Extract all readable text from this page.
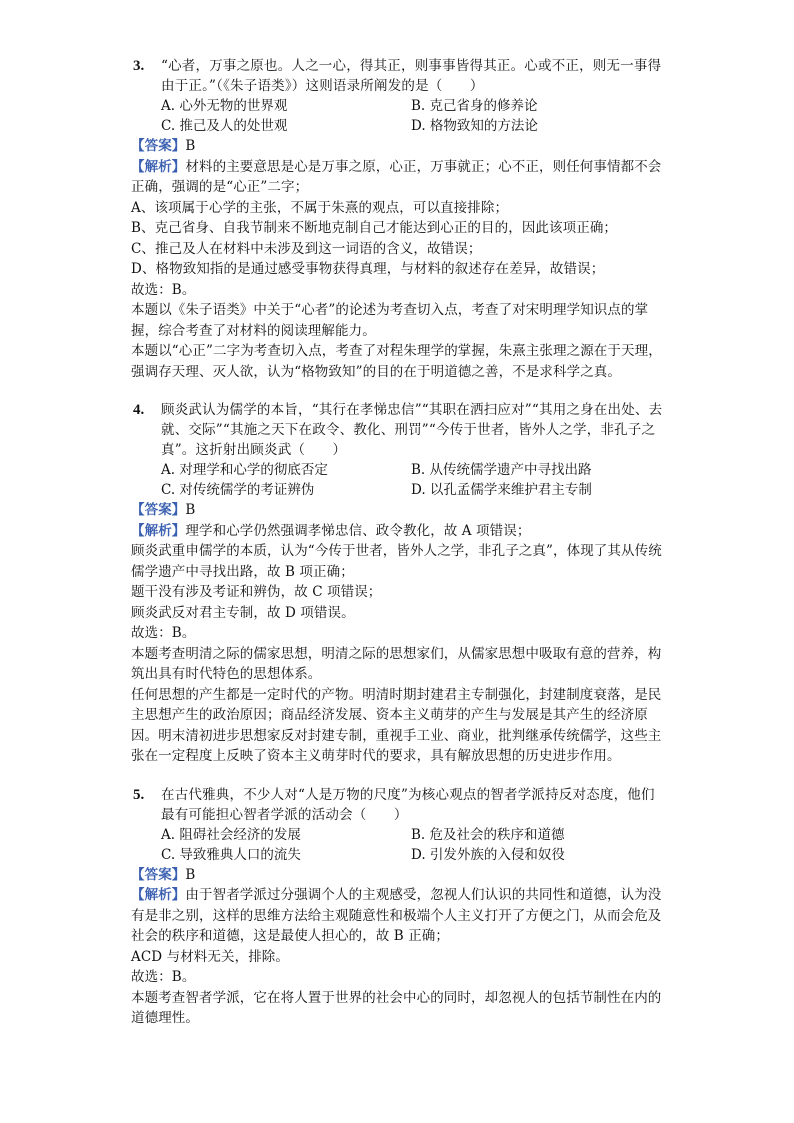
3. “心者，万事之原也。人之一心，得其正，则事事皆得其正。心或不正，则无一事得由于正。”（《朱子语类》）这则语录所阐发的是（　　）
A. 心外无物的世界观	B. 克己省身的修养论
C. 推己及人的处世观	D. 格物致知的方法论
【答案】B
【解析】材料的主要意思是心是万事之原，心正，万事就正；心不正，则任何事情都不会正确，强调的是“心正”二字；
A、该项属于心学的主张，不属于朱熹的观点，可以直接排除；
B、克己省身、自我节制来不断地克制自己才能达到心正的目的，因此该项正确；
C、推己及人在材料中未涉及到这一词语的含义，故错误；
D、格物致知指的是通过感受事物获得真理，与材料的叙述存在差异，故错误；
故选：B。
本题以《朱子语类》中关于“心者”的论述为考查切入点，考查了对宋明理学知识点的掌握，综合考查了对材料的阅读理解能力。
本题以“心正”二字为考查切入点，考查了对程朱理学的掌握，朱熹主张理之源在于天理，强调存天理、灭人欲，认为“格物致知”的目的在于明道德之善，不是求科学之真。
4. 顾炎武认为儒学的本旨，“其行在孝悌忠信”“其职在洒扫应对”“其用之身在出处、去就、交际”“其施之天下在政令、教化、刑罚”“今传于世者，皆外人之学，非孔子之真”。这折射出顾炎武（　　）
A. 对理学和心学的彻底否定	B. 从传统儒学遗产中寻找出路
C. 对传统儒学的考证辨伪	D. 以孔孟儒学来维护君主专制
【答案】B
【解析】理学和心学仍然强调孝悌忠信、政令教化，故 A 项错误；
顾炎武重申儒学的本质，认为“今传于世者，皆外人之学，非孔子之真”，体现了其从传统儒学遗产中寻找出路，故 B 项正确；
题干没有涉及考证和辨伪，故 C 项错误；
顾炎武反对君主专制，故 D 项错误。
故选：B。
本题考查明清之际的儒家思想，明清之际的思想家们，从儒家思想中吸取有意的营养，构筑出具有时代特色的思想体系。
任何思想的产生都是一定时代的产物。明清时期封建君主专制强化，封建制度衰落，是民主思想产生的政治原因；商品经济发展、资本主义萌芽的产生与发展是其产生的经济原因。明末清初进步思想家反对封建专制，重视手工业、商业，批判继承传统儒学，这些主张在一定程度上反映了资本主义萌芽时代的要求，具有解放思想的历史进步作用。
5. 在古代雅典，不少人对“人是万物的尺度”为核心观点的智者学派持反对态度，他们最有可能担心智者学派的活动会（　　）
A. 阻碍社会经济的发展	B. 危及社会的秩序和道德
C. 导致雅典人口的流失	D. 引发外族的入侵和奴役
【答案】B
【解析】由于智者学派过分强调个人的主观感受，忽视人们认识的共同性和道德，认为没有是非之别，这样的思维方法给主观随意性和极端个人主义打开了方便之门，从而会危及社会的秩序和道德，这是最使人担心的，故 B 正确；
ACD 与材料无关，排除。
故选：B。
本题考查智者学派，它在将人置于世界的社会中心的同时，却忽视人的包括节制性在内的道德理性。
